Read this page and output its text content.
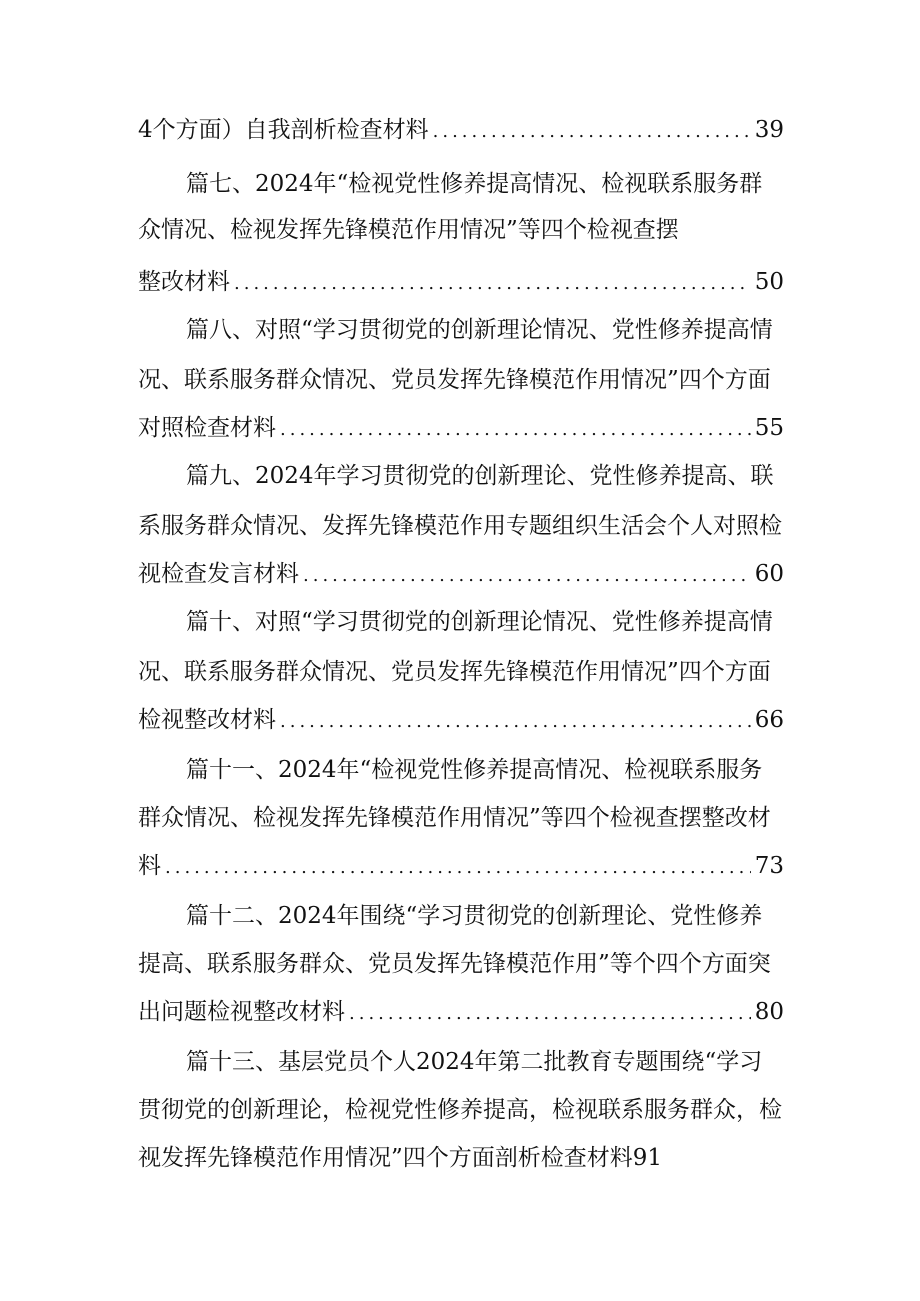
4个方面）自我剖析检查材料 .....	39
篇七、2024年“检视党性修养提高情况、检视联系服务群
众情况、检视发挥先锋模范作用情况”等四个检视查摆
整改材料 .....	50
篇八、对照“学习贯彻党的创新理论情况、党性修养提高情
况、联系服务群众情况、党员发挥先锋模范作用情况”四个方面
对照检查材料 .....	55
篇九、2024年学习贯彻党的创新理论、党性修养提高、联
系服务群众情况、发挥先锋模范作用专题组织生活会个人对照检
视检查发言材料 .....	60
篇十、对照“学习贯彻党的创新理论情况、党性修养提高情
况、联系服务群众情况、党员发挥先锋模范作用情况”四个方面
检视整改材料 .....	66
篇十一、2024年“检视党性修养提高情况、检视联系服务
群众情况、检视发挥先锋模范作用情况”等四个检视查摆整改材
料 .....	73
篇十二、2024年围绕“学习贯彻党的创新理论、党性修养
提高、联系服务群众、党员发挥先锋模范作用”等个四个方面突
出问题检视整改材料 .....	80
篇十三、基层党员个人2024年第二批教育专题围绕“学习
贯彻党的创新理论，检视党性修养提高，检视联系服务群众，检
视发挥先锋模范作用情况”四个方面剖析检查材料91
